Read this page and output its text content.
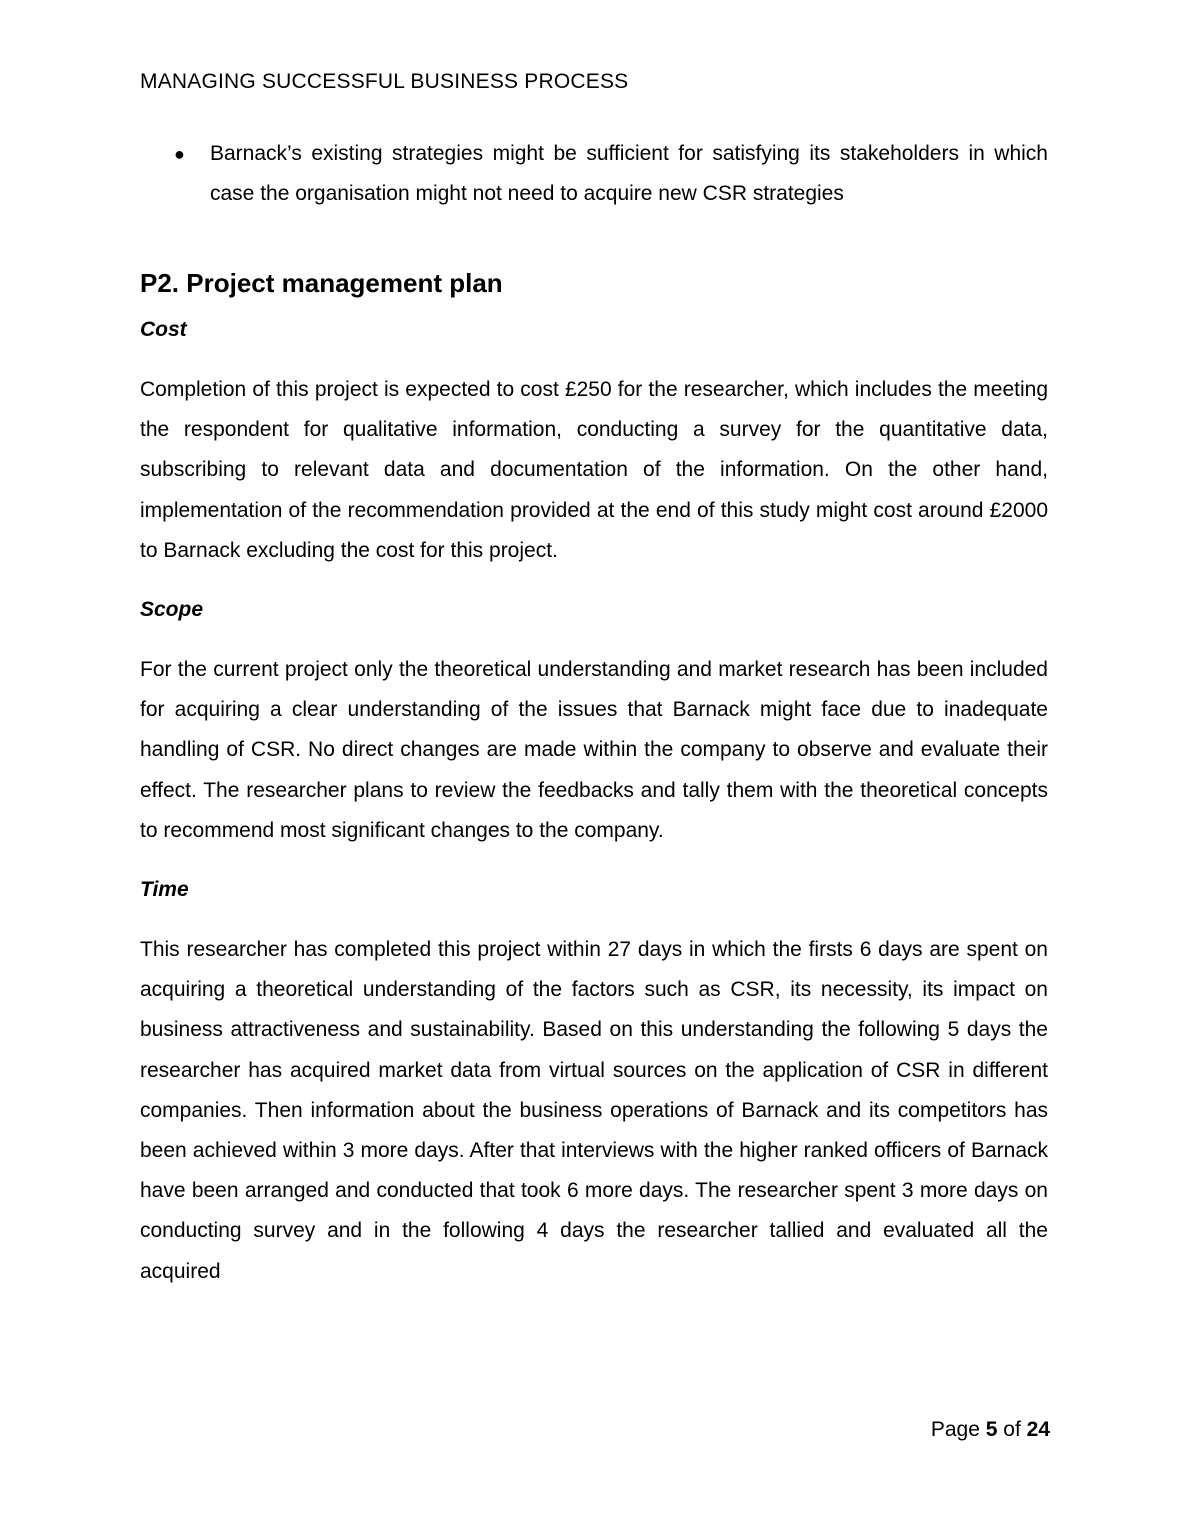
MANAGING SUCCESSFUL BUSINESS PROCESS
● Barnack’s existing strategies might be sufficient for satisfying its stakeholders in which case the organisation might not need to acquire new CSR strategies
P2. Project management plan
Cost

Completion of this project is expected to cost £250 for the researcher, which includes the meeting the respondent for qualitative information, conducting a survey for the quantitative data, subscribing to relevant data and documentation of the information. On the other hand, implementation of the recommendation provided at the end of this study might cost around £2000 to Barnack excluding the cost for this project.

Scope

For the current project only the theoretical understanding and market research has been included for acquiring a clear understanding of the issues that Barnack might face due to inadequate handling of CSR. No direct changes are made within the company to observe and evaluate their effect. The researcher plans to review the feedbacks and tally them with the theoretical concepts to recommend most significant changes to the company.

Time

This researcher has completed this project within 27 days in which the firsts 6 days are spent on acquiring a theoretical understanding of the factors such as CSR, its necessity, its impact on business attractiveness and sustainability. Based on this understanding the following 5 days the researcher has acquired market data from virtual sources on the application of CSR in different companies. Then information about the business operations of Barnack and its competitors has been achieved within 3 more days. After that interviews with the higher ranked officers of Barnack have been arranged and conducted that took 6 more days. The researcher spent 3 more days on conducting survey and in the following 4 days the researcher tallied and evaluated all the acquired

Page 5 of 24
